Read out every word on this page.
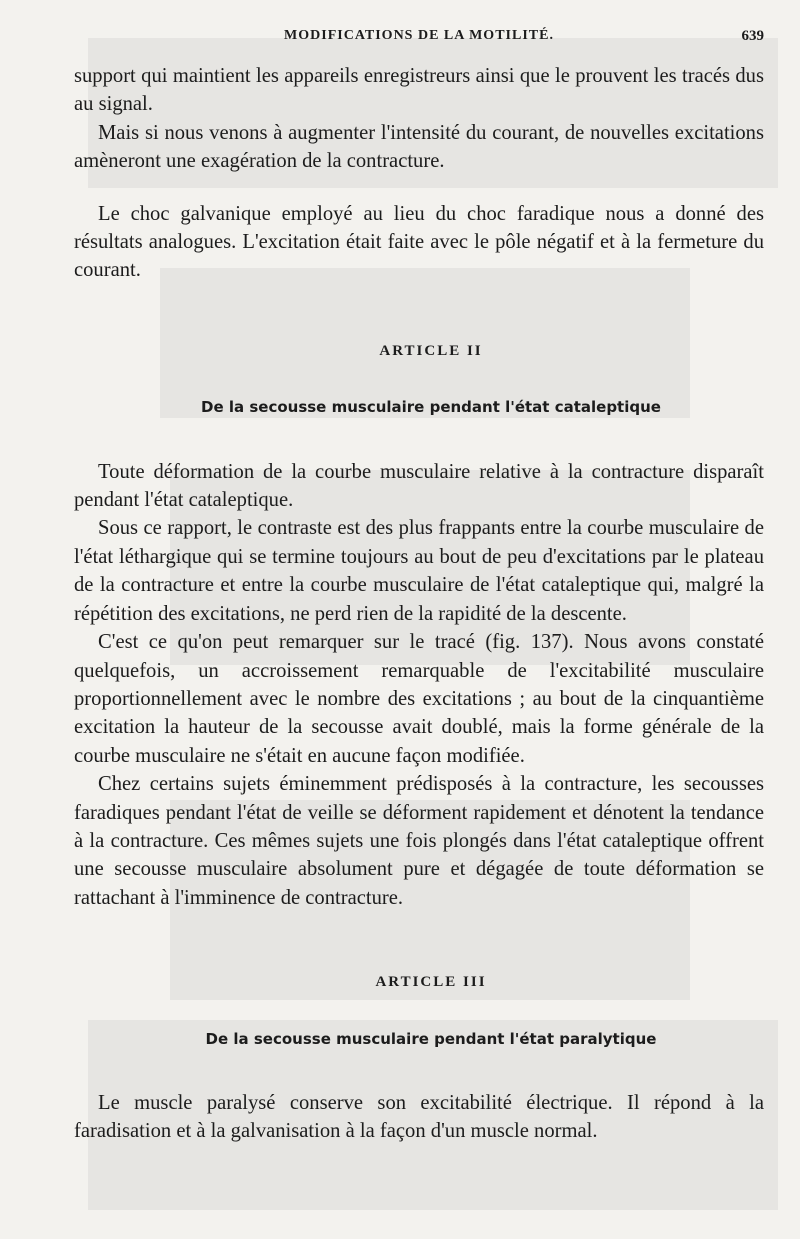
MODIFICATIONS DE LA MOTILITÉ.	639

support qui maintient les appareils enregistreurs ainsi que le prouvent les tracés dus au signal.

Mais si nous venons à augmenter l'intensité du courant, de nouvelles excitations amèneront une exagération de la contracture.

Le choc galvanique employé au lieu du choc faradique nous a donné des résultats analogues. L'excitation était faite avec le pôle négatif et à la fermeture du courant.

ARTICLE II

De la secousse musculaire pendant l'état cataleptique

Toute déformation de la courbe musculaire relative à la contracture disparaît pendant l'état cataleptique.

Sous ce rapport, le contraste est des plus frappants entre la courbe musculaire de l'état léthargique qui se termine toujours au bout de peu d'excitations par le plateau de la contracture et entre la courbe musculaire de l'état cataleptique qui, malgré la répétition des excitations, ne perd rien de la rapidité de la descente.

C'est ce qu'on peut remarquer sur le tracé (fig. 137). Nous avons constaté quelquefois, un accroissement remarquable de l'excitabilité musculaire proportionnellement avec le nombre des excitations ; au bout de la cinquantième excitation la hauteur de la secousse avait doublé, mais la forme générale de la courbe musculaire ne s'était en aucune façon modifiée.

Chez certains sujets éminemment prédisposés à la contracture, les secousses faradiques pendant l'état de veille se déforment rapidement et dénotent la tendance à la contracture. Ces mêmes sujets une fois plongés dans l'état cataleptique offrent une secousse musculaire absolument pure et dégagée de toute déformation se rattachant à l'imminence de contracture.

ARTICLE III

De la secousse musculaire pendant l'état paralytique

Le muscle paralysé conserve son excitabilité électrique. Il répond à la faradisation et à la galvanisation à la façon d'un muscle normal.
